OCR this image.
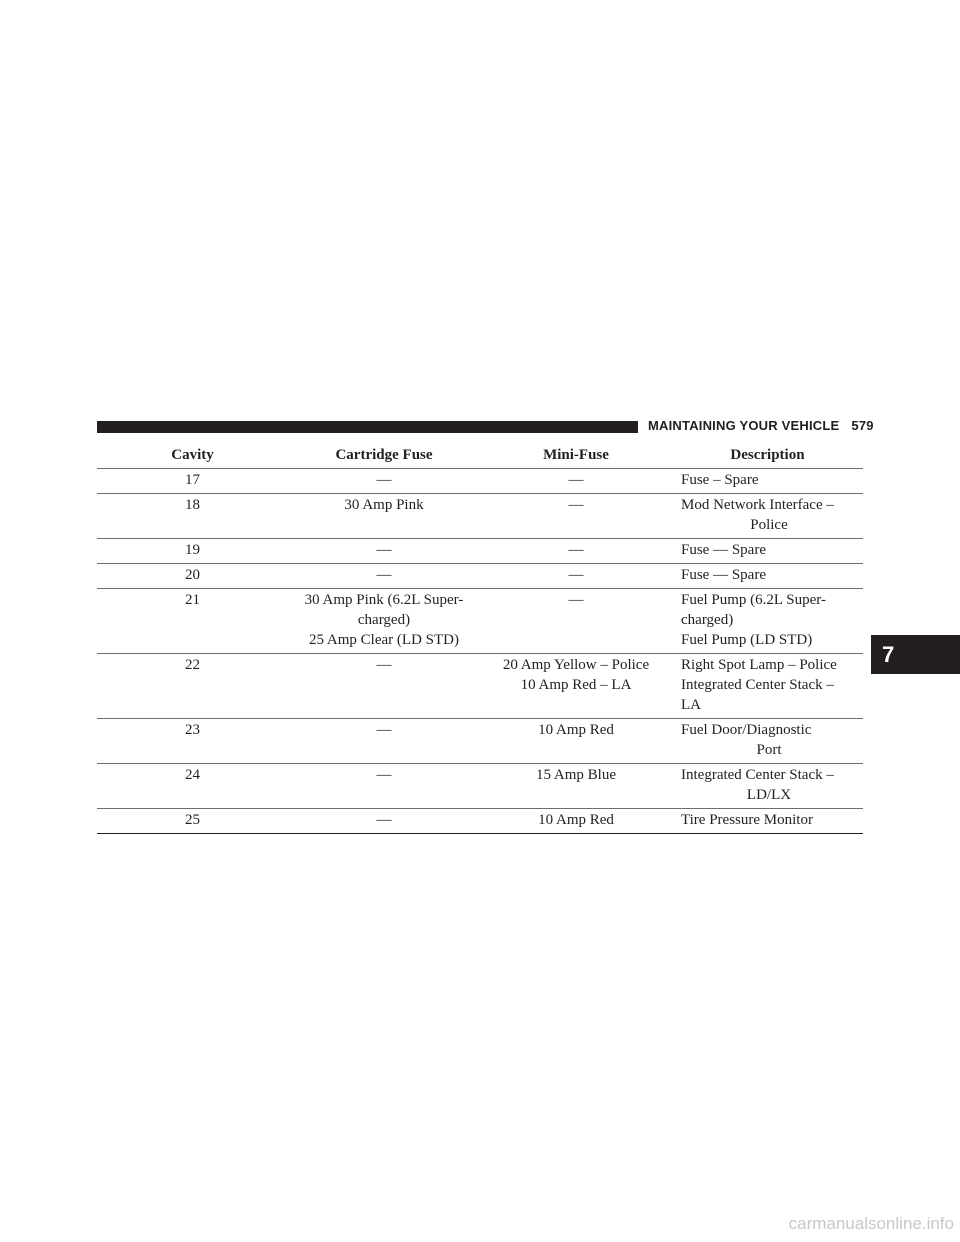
MAINTAINING YOUR VEHICLE 579
Cavity	Cartridge Fuse	Mini-Fuse	Description
17	—	—	Fuse – Spare

18	30 Amp Pink	—	Mod Network Interface –
Police

19	—	—	Fuse — Spare

20	—	—	Fuse — Spare

21	30 Amp Pink (6.2L Super-
charged)
25 Amp Clear (LD STD)	—	Fuel Pump (6.2L Super-
charged)
Fuel Pump (LD STD)

22	—	20 Amp Yellow – Police
10 Amp Red – LA	Right Spot Lamp – Police
Integrated Center Stack –
LA

23	—	10 Amp Red	Fuel Door/Diagnostic
Port

24	—	15 Amp Blue	Integrated Center Stack –
LD/LX

25	—	10 Amp Red	Tire Pressure Monitor
7
carmanualsonline.info
